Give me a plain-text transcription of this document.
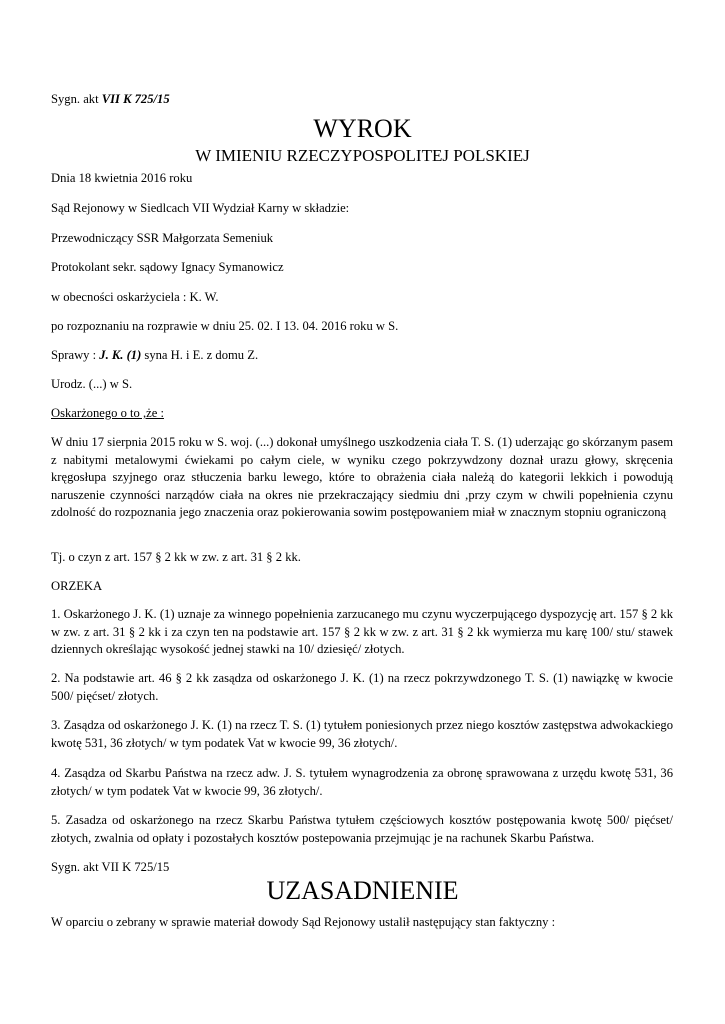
Sygn. akt VII K 725/15

WYROK

W IMIENIU RZECZYPOSPOLITEJ POLSKIEJ

Dnia 18 kwietnia 2016 roku

Sąd Rejonowy w Siedlcach VII Wydział Karny w składzie:

Przewodniczący SSR Małgorzata Semeniuk

Protokolant sekr. sądowy Ignacy Symanowicz

w obecności oskarżyciela : K. W.

po rozpoznaniu na rozprawie w dniu 25. 02. I 13. 04. 2016 roku w S.

Sprawy : J. K. (1) syna H. i E. z domu Z.

Urodz. (...) w S.

Oskarżonego o to ,że :

W dniu 17 sierpnia 2015 roku w S. woj. (...) dokonał umyślnego uszkodzenia ciała T. S. (1) uderzając go skórzanym pasem z nabitymi metalowymi ćwiekami po całym ciele, w wyniku czego pokrzywdzony doznał urazu głowy, skręcenia kręgosłupa szyjnego oraz stłuczenia barku lewego, które to obrażenia ciała należą do kategorii lekkich i powodują naruszenie czynności narządów ciała na okres nie przekraczający siedmiu dni ,przy czym w chwili popełnienia czynu zdolność do rozpoznania jego znaczenia oraz pokierowania sowim postępowaniem miał w znacznym stopniu ograniczoną

Tj. o czyn z art. 157 § 2 kk w zw. z art. 31 § 2 kk.

ORZEKA

1. Oskarżonego J. K. (1) uznaje za winnego popełnienia zarzucanego mu czynu wyczerpującego dyspozycję art. 157 § 2 kk w zw. z art. 31 § 2 kk i za czyn ten na podstawie art. 157 § 2 kk w zw. z art. 31 § 2 kk wymierza mu karę 100/ stu/ stawek dziennych określając wysokość jednej stawki na 10/ dziesięć/ złotych.

2. Na podstawie art. 46 § 2 kk zasądza od oskarżonego J. K. (1) na rzecz pokrzywdzonego T. S. (1) nawiązkę w kwocie 500/ pięćset/ złotych.

3. Zasądza od oskarżonego J. K. (1) na rzecz T. S. (1) tytułem poniesionych przez niego kosztów zastępstwa adwokackiego kwotę 531, 36 złotych/ w tym podatek Vat w kwocie 99, 36 złotych/.

4. Zasądza od Skarbu Państwa na rzecz adw. J. S. tytułem wynagrodzenia za obronę sprawowana z urzędu kwotę 531, 36 złotych/ w tym podatek Vat w kwocie 99, 36 złotych/.

5. Zasadza od oskarżonego na rzecz Skarbu Państwa tytułem częściowych kosztów postępowania kwotę 500/ pięćset/ złotych, zwalnia od opłaty i pozostałych kosztów postepowania przejmując je na rachunek Skarbu Państwa.

Sygn. akt VII K 725/15

UZASADNIENIE

W oparciu o zebrany w sprawie materiał dowody Sąd Rejonowy ustalił następujący stan faktyczny :
